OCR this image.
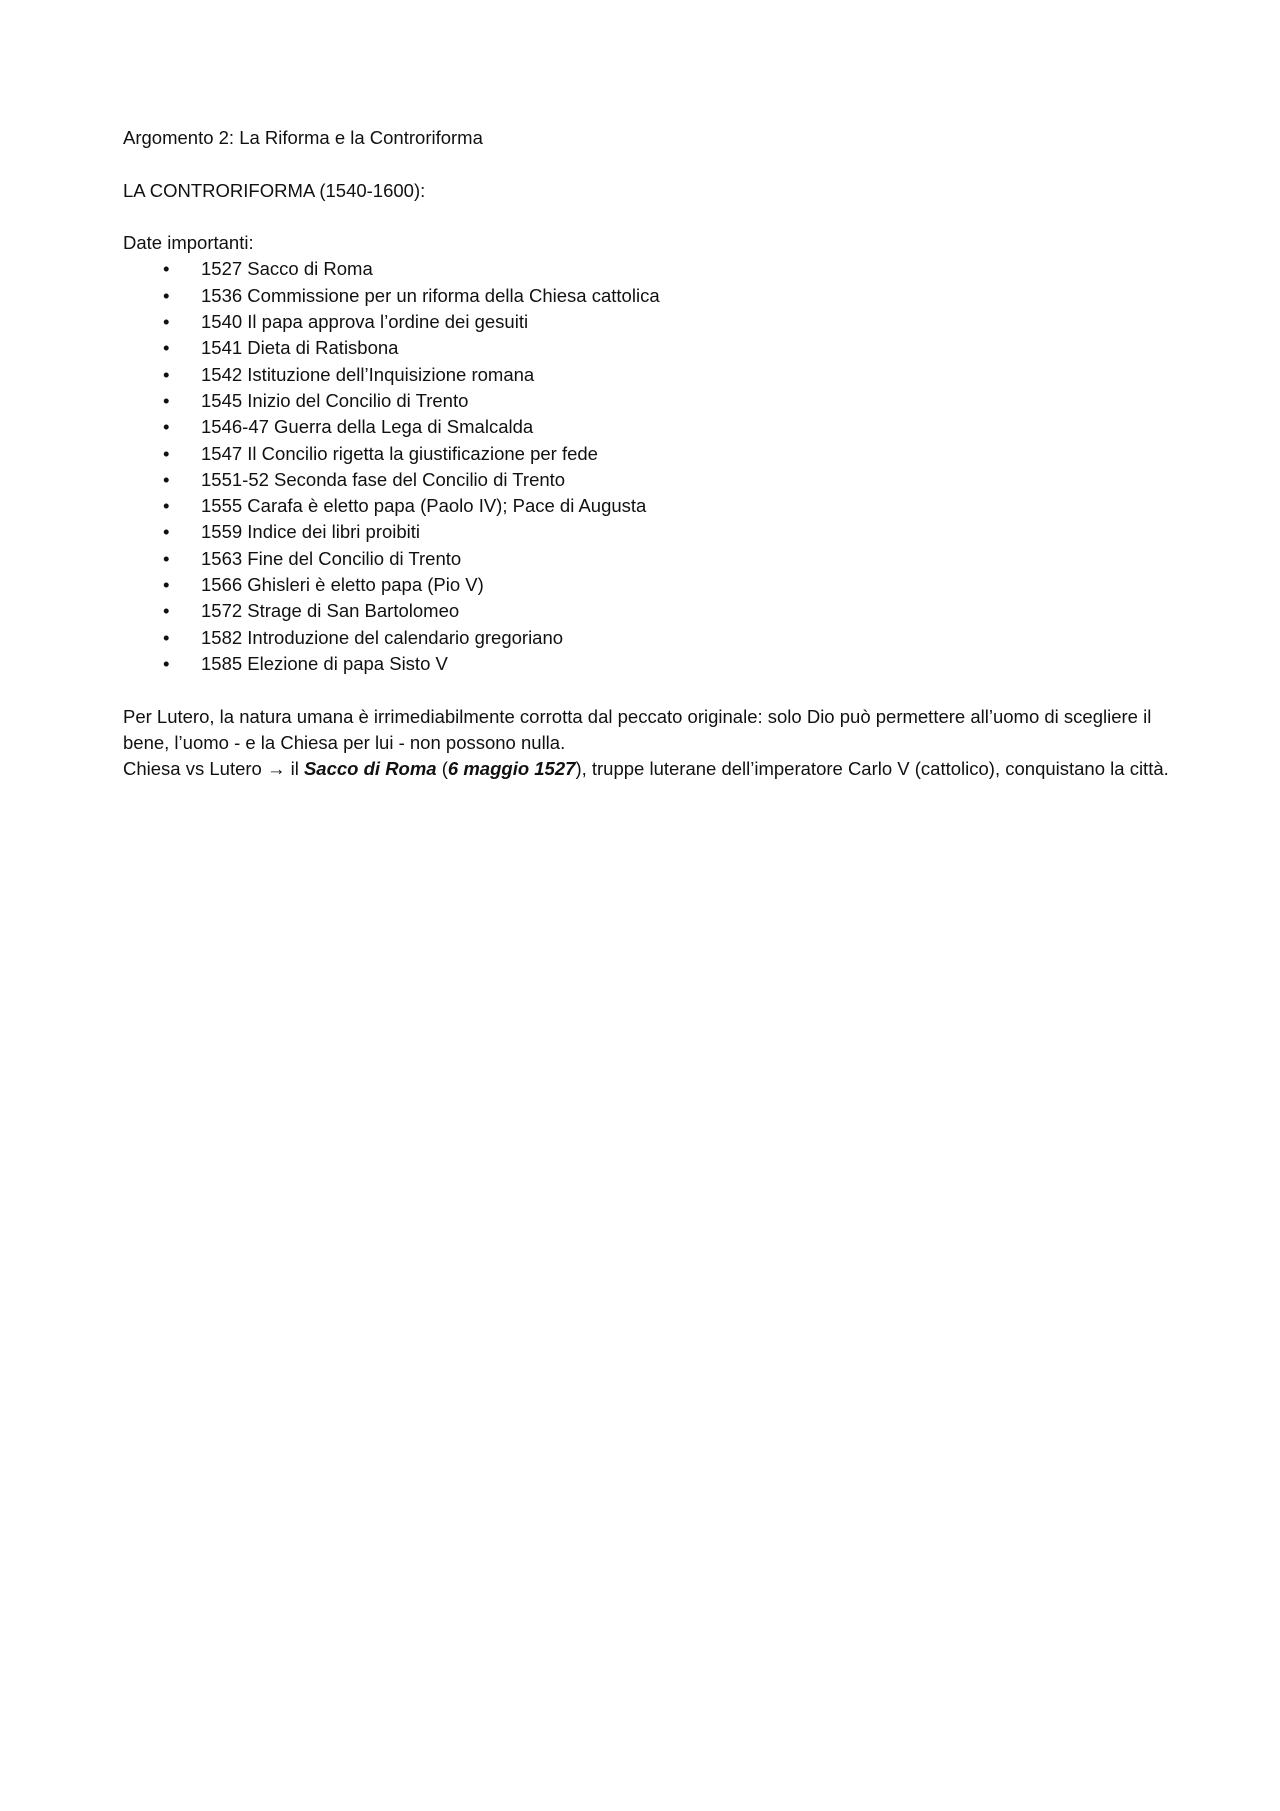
Argomento 2: La Riforma e la Controriforma

LA CONTRORIFORMA (1540-1600):

Date importanti:

• 1527 Sacco di Roma
• 1536 Commissione per un riforma della Chiesa cattolica
• 1540 Il papa approva l’ordine dei gesuiti
• 1541 Dieta di Ratisbona
• 1542 Istituzione dell’Inquisizione romana
• 1545 Inizio del Concilio di Trento
• 1546-47 Guerra della Lega di Smalcalda
• 1547 Il Concilio rigetta la giustificazione per fede
• 1551-52 Seconda fase del Concilio di Trento
• 1555 Carafa è eletto papa (Paolo IV); Pace di Augusta
• 1559 Indice dei libri proibiti
• 1563 Fine del Concilio di Trento
• 1566 Ghisleri è eletto papa (Pio V)
• 1572 Strage di San Bartolomeo
• 1582 Introduzione del calendario gregoriano
• 1585 Elezione di papa Sisto V

Per Lutero, la natura umana è irrimediabilmente corrotta dal peccato originale: solo Dio può permettere all’uomo di scegliere il bene, l’uomo - e la Chiesa per lui - non possono nulla.

Chiesa vs Lutero → il Sacco di Roma (6 maggio 1527), truppe luterane dell’imperatore Carlo V (cattolico), conquistano la città.
